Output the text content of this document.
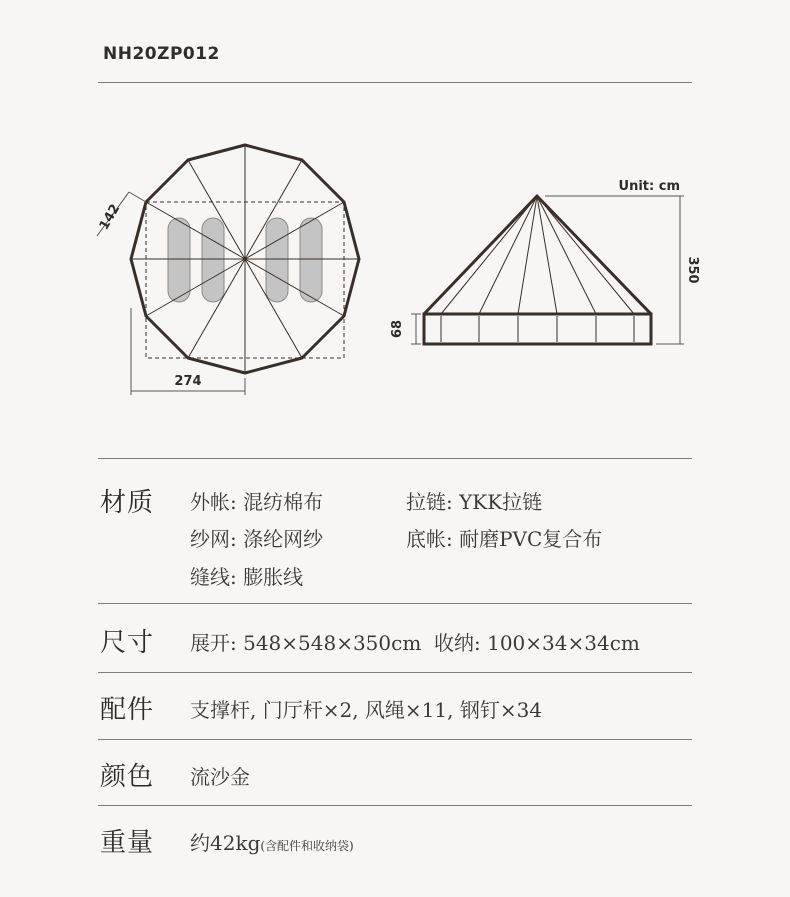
NH20ZP012
274
142
Unit: cm
350
68
材质 外帐: 混纺棉布	拉链: YKK拉链
纱网: 涤纶网纱	底帐: 耐磨PVC复合布
缝线: 膨胀线
尺寸 展开: 548×548×350cm  收纳: 100×34×34cm
配件 支撑杆, 门厅杆×2, 风绳×11, 钢钉×34
颜色 流沙金
重量 约42kg(含配件和收纳袋)
